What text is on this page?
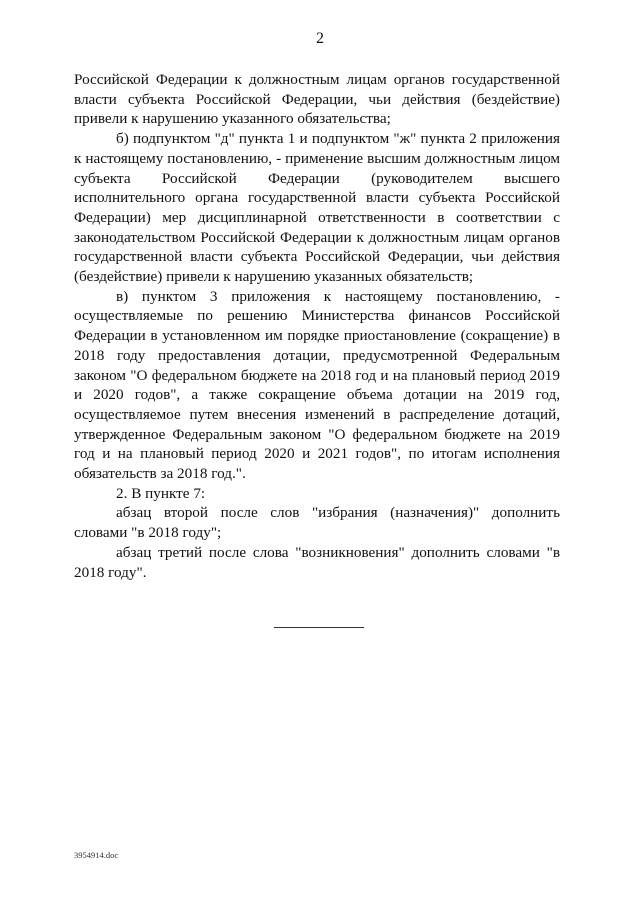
2

Российской Федерации к должностным лицам органов государственной власти субъекта Российской Федерации, чьи действия (бездействие) привели к нарушению указанного обязательства;

б) подпунктом "д" пункта 1 и подпунктом "ж" пункта 2 приложения к настоящему постановлению, - применение высшим должностным лицом субъекта Российской Федерации (руководителем высшего исполнительного органа государственной власти субъекта Российской Федерации) мер дисциплинарной ответственности в соответствии с законодательством Российской Федерации к должностным лицам органов государственной власти субъекта Российской Федерации, чьи действия (бездействие) привели к нарушению указанных обязательств;

в) пунктом 3 приложения к настоящему постановлению, - осуществляемые по решению Министерства финансов Российской Федерации в установленном им порядке приостановление (сокращение) в 2018 году предоставления дотации, предусмотренной Федеральным законом "О федеральном бюджете на 2018 год и на плановый период 2019 и 2020 годов", а также сокращение объема дотации на 2019 год, осуществляемое путем внесения изменений в распределение дотаций, утвержденное Федеральным законом "О федеральном бюджете на 2019 год и на плановый период 2020 и 2021 годов", по итогам исполнения обязательств за 2018 год.".

2. В пункте 7:

абзац второй после слов "избрания (назначения)" дополнить словами "в 2018 году";

абзац третий после слова "возникновения" дополнить словами "в 2018 году".

3954914.doc
